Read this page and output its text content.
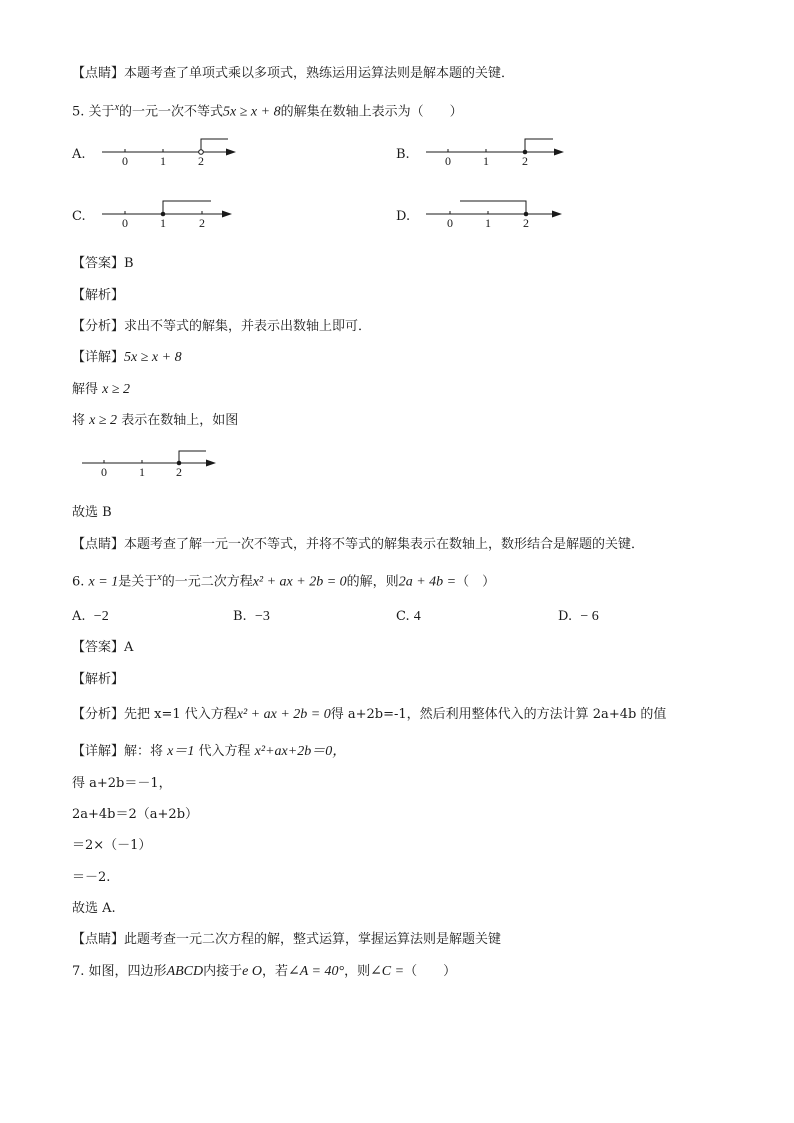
【点睛】本题考查了单项式乘以多项式，熟练运用运算法则是解本题的关键．
5. 关于$^x$的一元一次不等式5x ≥ x + 8的解集在数轴上表示为（　　）
A.	0	1	2	B.	0	1	2
C.	0	1	2	D.	0	1	2
【答案】B
【解析】
【分析】求出不等式的解集，并表示出数轴上即可．
【详解】5x ≥ x + 8
解得 x ≥ 2
将 x ≥ 2 表示在数轴上，如图
0	1	2
故选 B
【点睛】本题考查了解一元一次不等式，并将不等式的解集表示在数轴上，数形结合是解题的关键．
6. x = 1是关于$^x$的一元二次方程x² + ax + 2b = 0的解，则2a + 4b =（　）
A. −2	B. −3	C. 4	D. − 6
【答案】A
【解析】
【分析】先把 x=1 代入方程x² + ax + 2b = 0得 a+2b=-1，然后利用整体代入的方法计算 2a+4b 的值
【详解】解：将 x＝1 代入方程 x²+ax+2b＝0，
得 a+2b＝－1，
2a+4b＝2（a+2b）
＝2×（－1）
＝－2.
故选 A.
【点睛】此题考查一元二次方程的解，整式运算，掌握运算法则是解题关键
7. 如图，四边形ABCD内接于e O，若∠A = 40°，则∠C =（　　）
